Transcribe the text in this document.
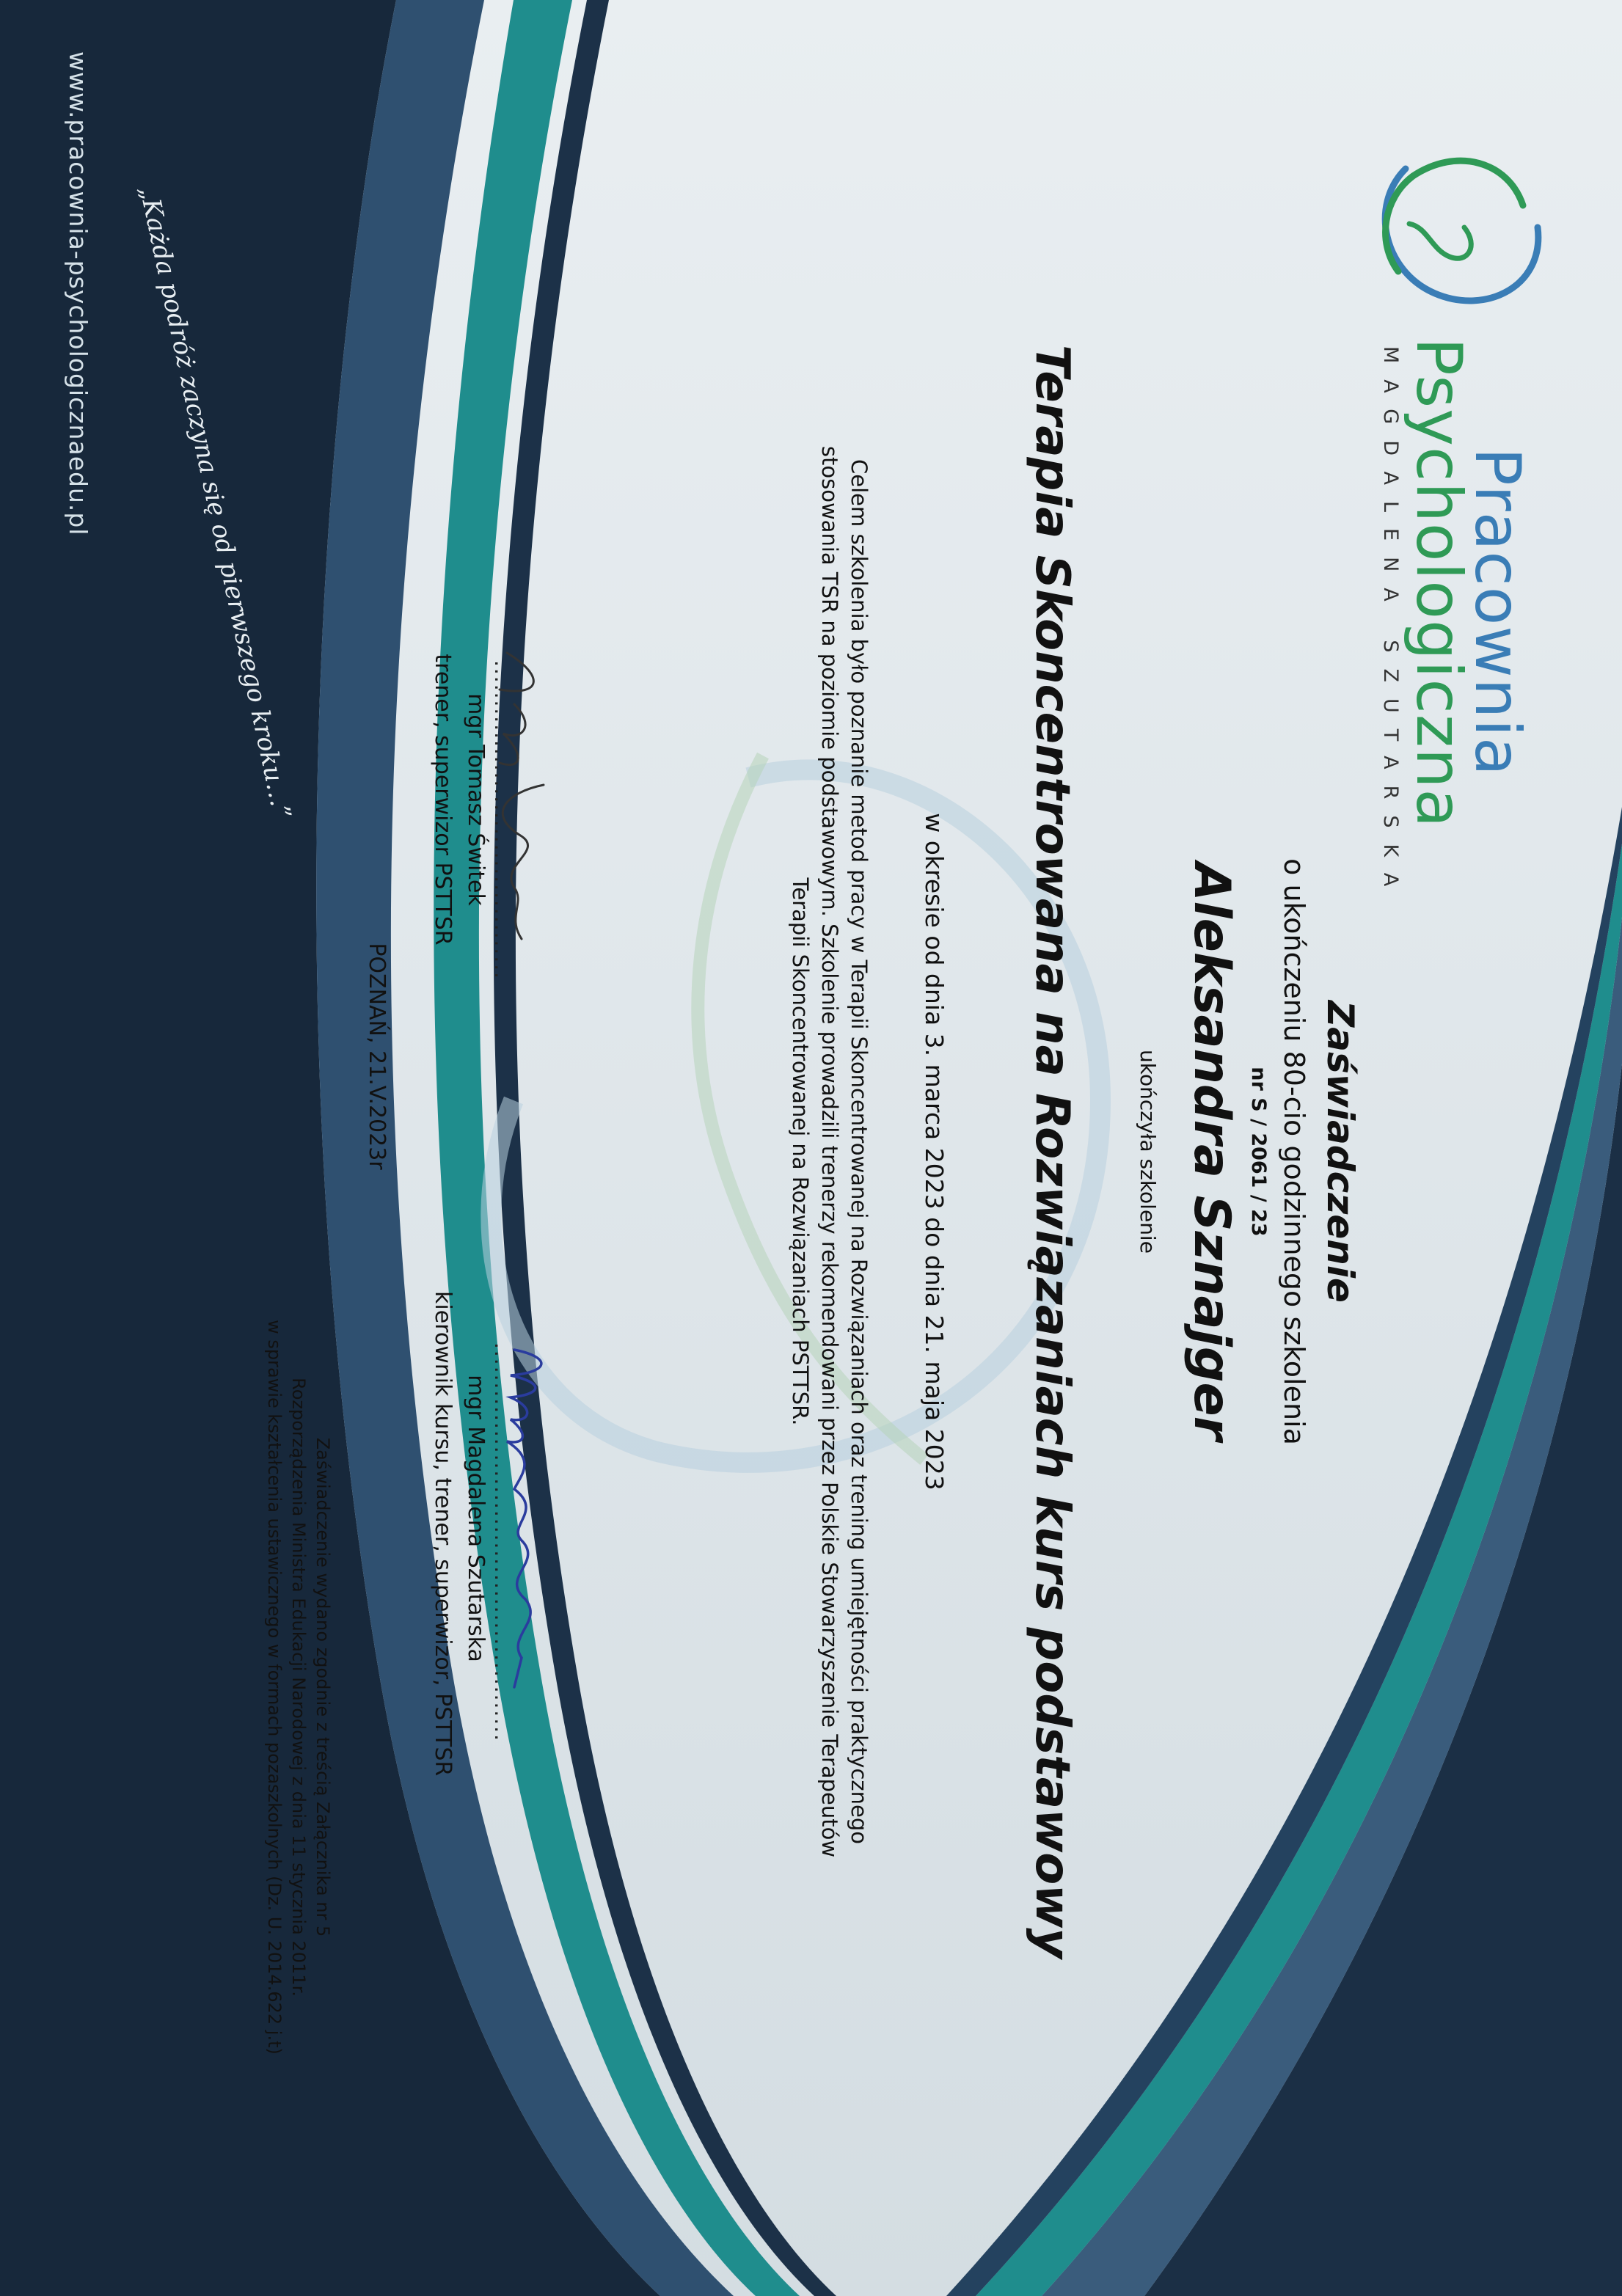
Pracownia
Psychologiczna
MAGDALENA SZUTARSKA
Zaświadczenie
o ukończeniu 80-cio godzinnego szkolenia
nr S / 2061 / 23
Aleksandra Sznajger
ukończyła szkolenie
Terapia Skoncentrowana na Rozwiązaniach kurs podstawowy
w okresie od dnia 3. marca 2023 do dnia 21. maja 2023
Celem szkolenia było poznanie metod pracy w Terapii Skoncentrowanej na Rozwiązaniach oraz trening umiejętności praktycznego
stosowania TSR na poziomie podstawowym. Szkolenie prowadzili trenerzy rekomendowani przez Polskie Stowarzyszenie Terapeutów
Terapii Skoncentrowanej na Rozwiązaniach PSTTSR.
........................................
mgr Tomasz Świtek
trener, superwizor PSTTSR
..................................................
mgr Magdalena Szutarska
kierownik kursu, trener, superwizor, PSTTSR
POZNAŃ, 21.V.2023r
Zaświadczenie wydano zgodnie z treścią Załącznika nr 5
Rozporządzenia Ministra Edukacji Narodowej z dnia 11 stycznia 2011r.
w sprawie kształcenia ustawicznego w formach pozaszkolnych (Dz. U. 2014.622 j.t)
„Każda podróż zaczyna się od pierwszego kroku…”
www.pracownia-psychologicznaedu.pl
